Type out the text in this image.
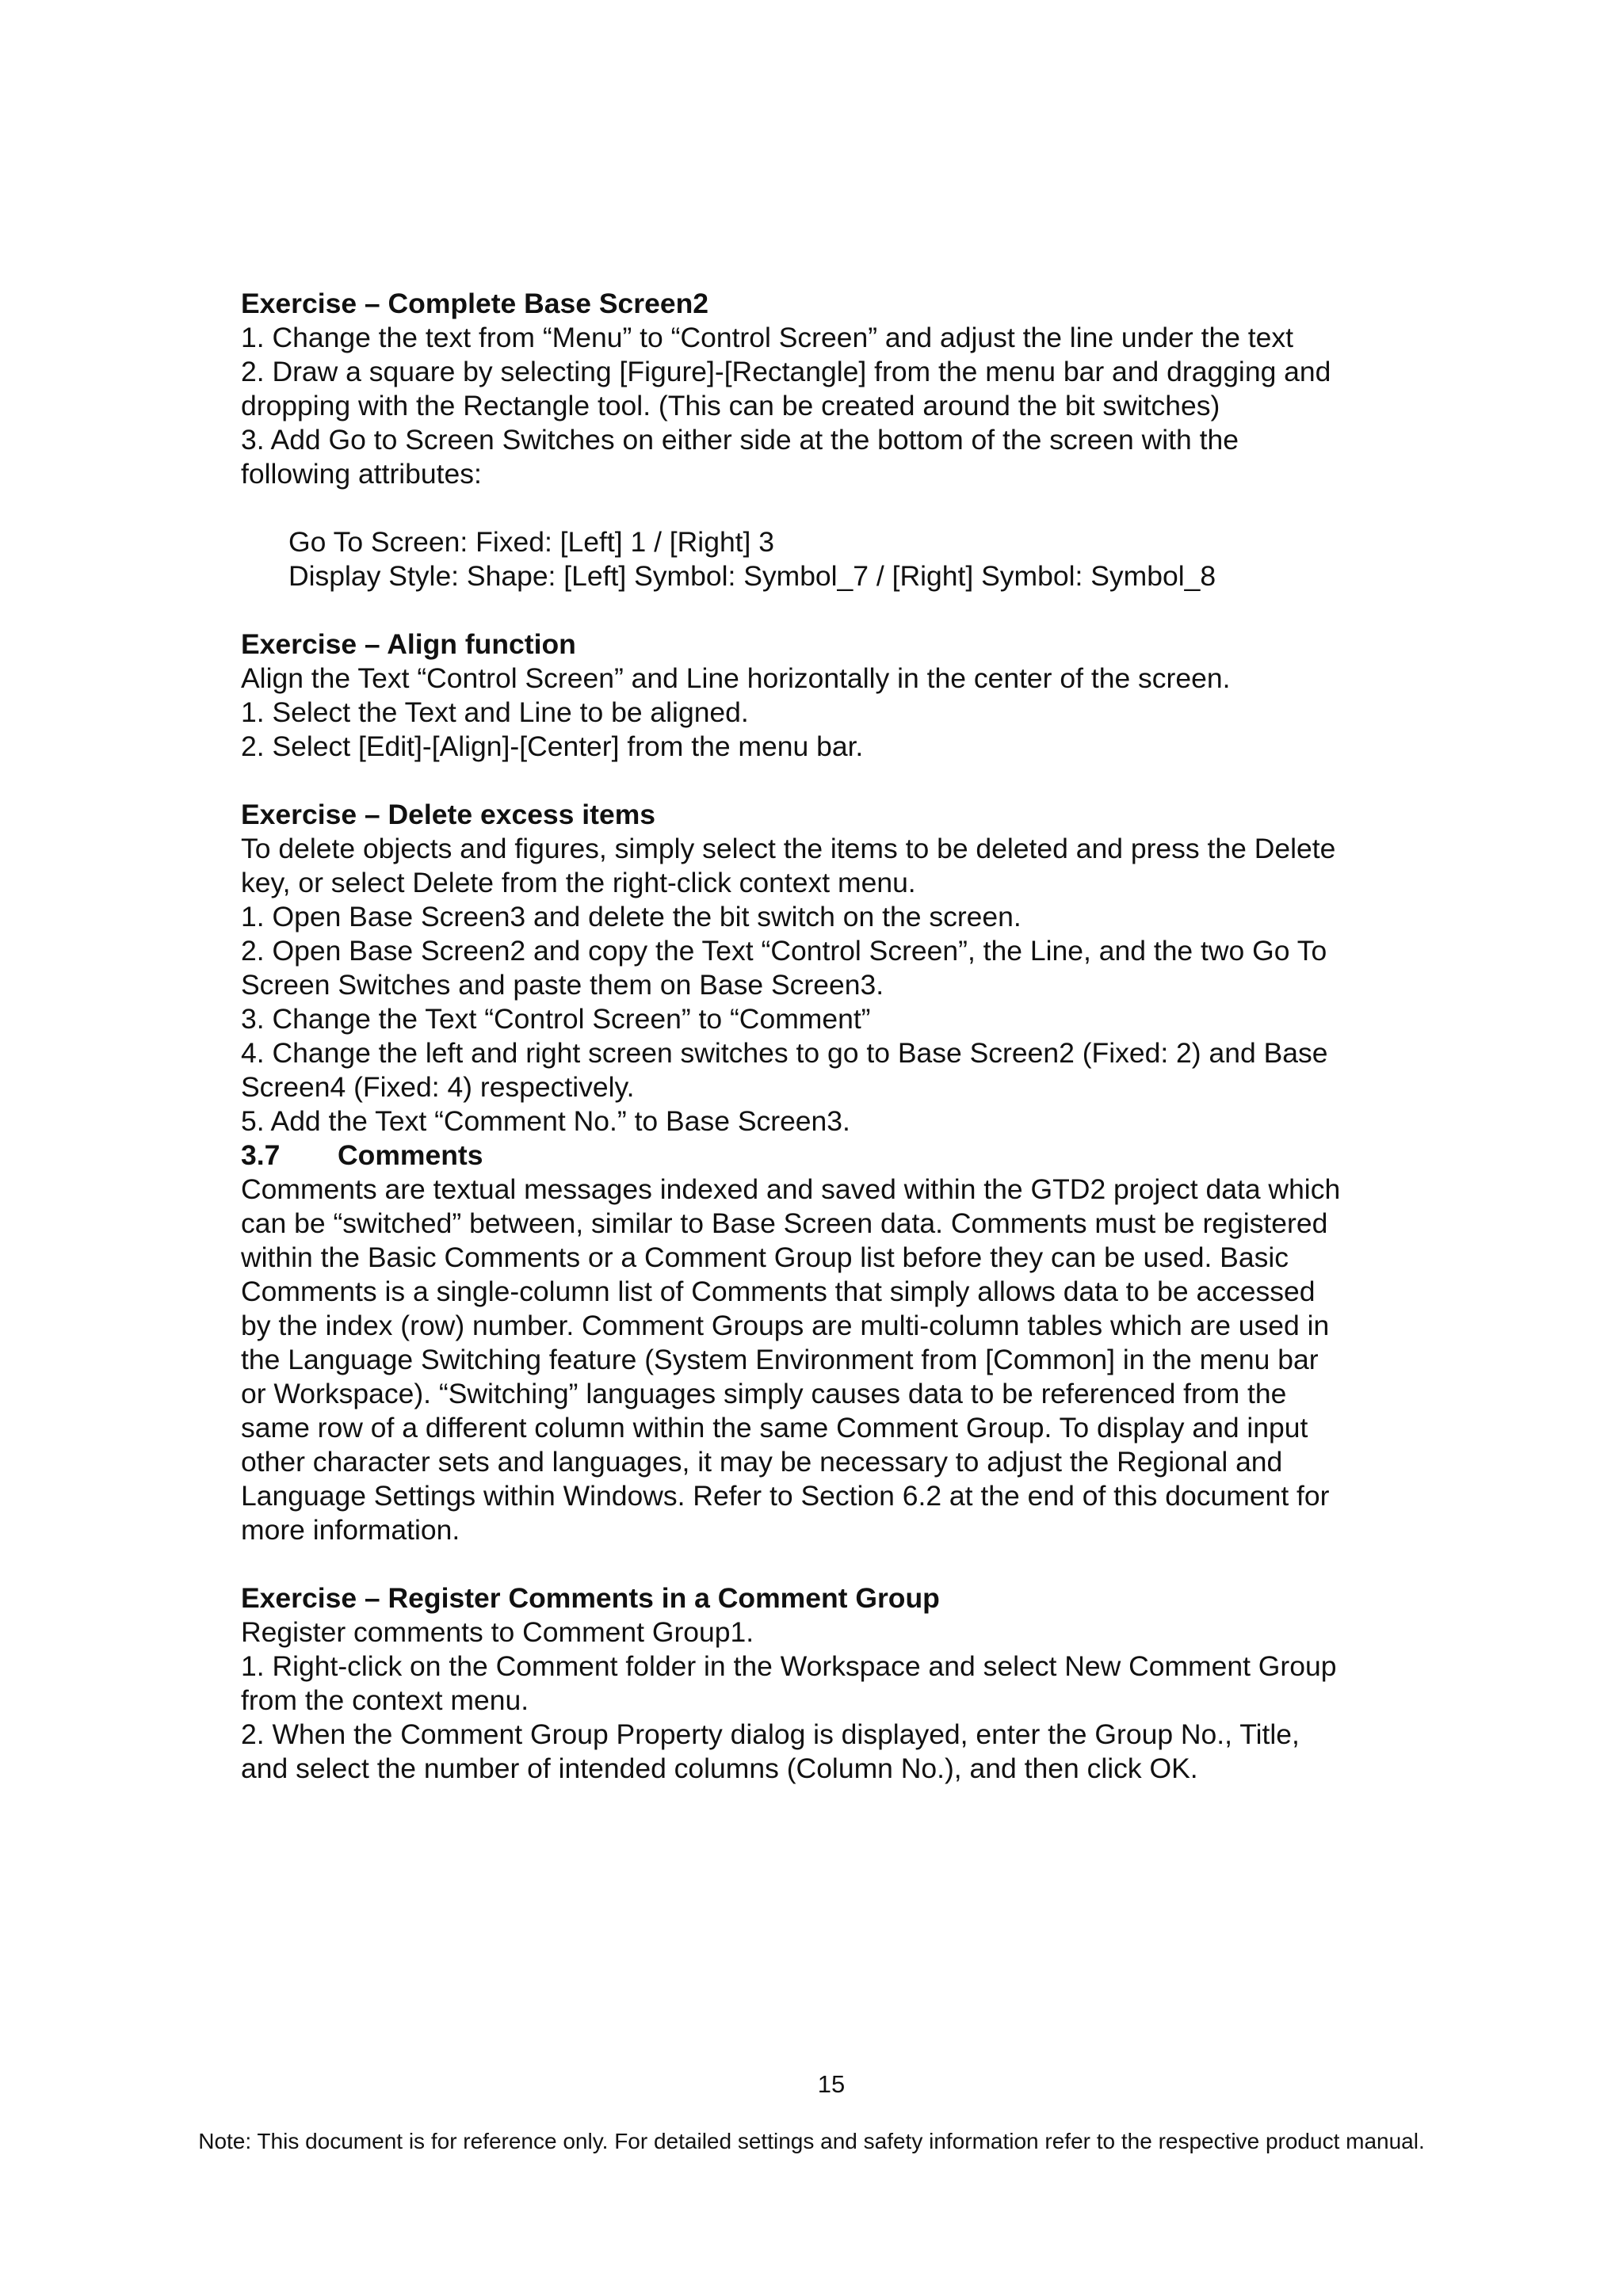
Exercise – Complete Base Screen2

1. Change the text from “Menu” to “Control Screen” and adjust the line under the text

2. Draw a square by selecting [Figure]-[Rectangle] from the menu bar and dragging and

dropping with the Rectangle tool. (This can be created around the bit switches)

3. Add Go to Screen Switches on either side at the bottom of the screen with the

following attributes:

Go To Screen: Fixed: [Left] 1 / [Right] 3

Display Style: Shape: [Left] Symbol: Symbol_7 / [Right] Symbol: Symbol_8

Exercise – Align function

Align the Text “Control Screen” and Line horizontally in the center of the screen.

1. Select the Text and Line to be aligned.

2. Select [Edit]-[Align]-[Center] from the menu bar.

Exercise – Delete excess items

To delete objects and figures, simply select the items to be deleted and press the Delete

key, or select Delete from the right-click context menu.

1. Open Base Screen3 and delete the bit switch on the screen.

2. Open Base Screen2 and copy the Text “Control Screen”, the Line, and the two Go To

Screen Switches and paste them on Base Screen3.

3. Change the Text “Control Screen” to “Comment”

4. Change the left and right screen switches to go to Base Screen2 (Fixed: 2) and Base

Screen4 (Fixed: 4) respectively.

5. Add the Text “Comment No.” to Base Screen3.

3.7 Comments

Comments are textual messages indexed and saved within the GTD2 project data which

can be “switched” between, similar to Base Screen data. Comments must be registered

within the Basic Comments or a Comment Group list before they can be used. Basic

Comments is a single-column list of Comments that simply allows data to be accessed

by the index (row) number. Comment Groups are multi-column tables which are used in

the Language Switching feature (System Environment from [Common] in the menu bar

or Workspace). “Switching” languages simply causes data to be referenced from the

same row of a different column within the same Comment Group. To display and input

other character sets and languages, it may be necessary to adjust the Regional and

Language Settings within Windows. Refer to Section 6.2 at the end of this document for

more information.

Exercise – Register Comments in a Comment Group

Register comments to Comment Group1.

1. Right-click on the Comment folder in the Workspace and select New Comment Group

from the context menu.

2. When the Comment Group Property dialog is displayed, enter the Group No., Title,

and select the number of intended columns (Column No.), and then click OK.

15
Note: This document is for reference only. For detailed settings and safety information refer to the respective product manual.
